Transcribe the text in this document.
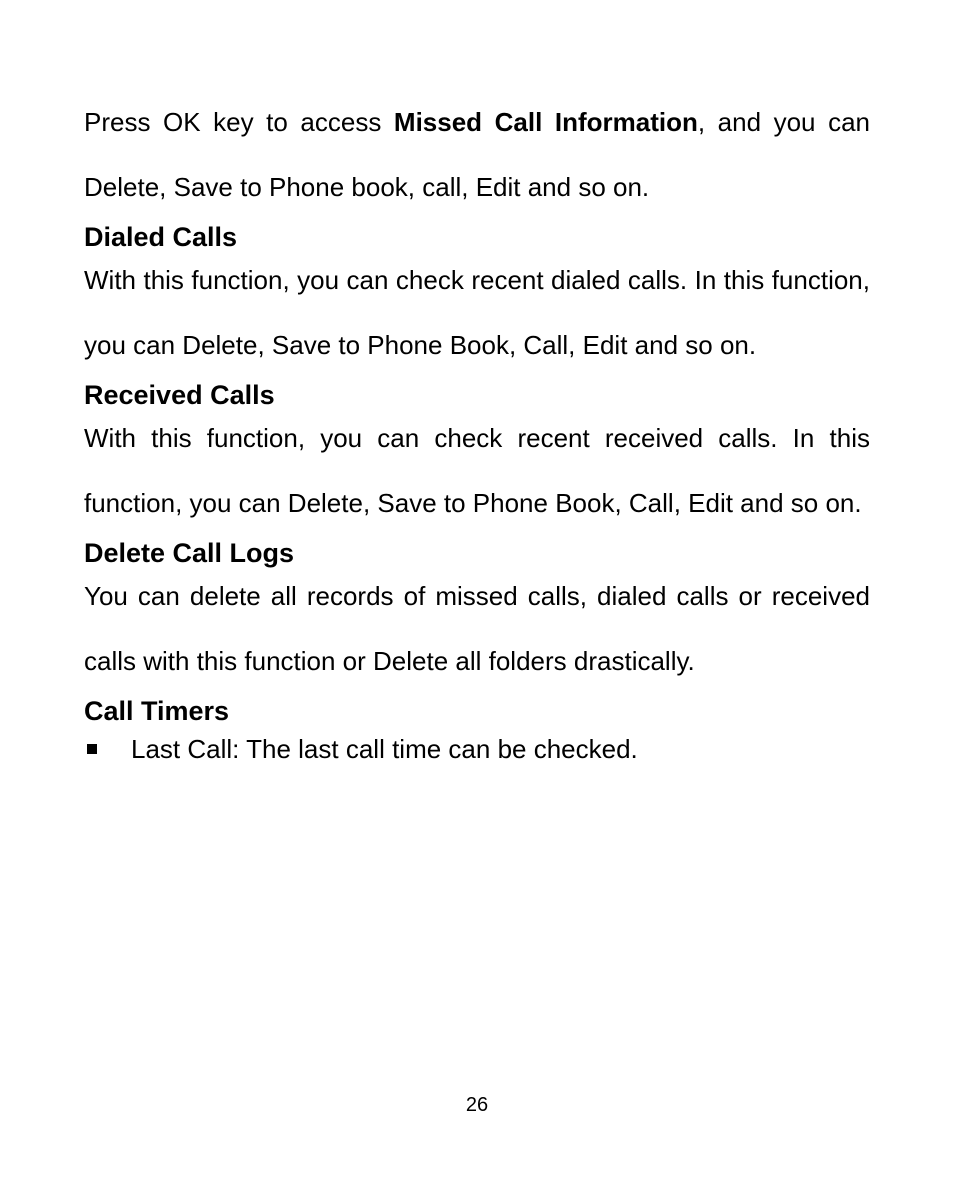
Press OK key to access Missed Call Information, and you can Delete, Save to Phone book, call, Edit and so on.

Dialed Calls

With this function, you can check recent dialed calls. In this function, you can Delete, Save to Phone Book, Call, Edit and so on.

Received Calls

With this function, you can check recent received calls. In this function, you can Delete, Save to Phone Book, Call, Edit and so on.

Delete Call Logs

You can delete all records of missed calls, dialed calls or received calls with this function or Delete all folders drastically.

Call Timers
Last Call: The last call time can be checked.
26
